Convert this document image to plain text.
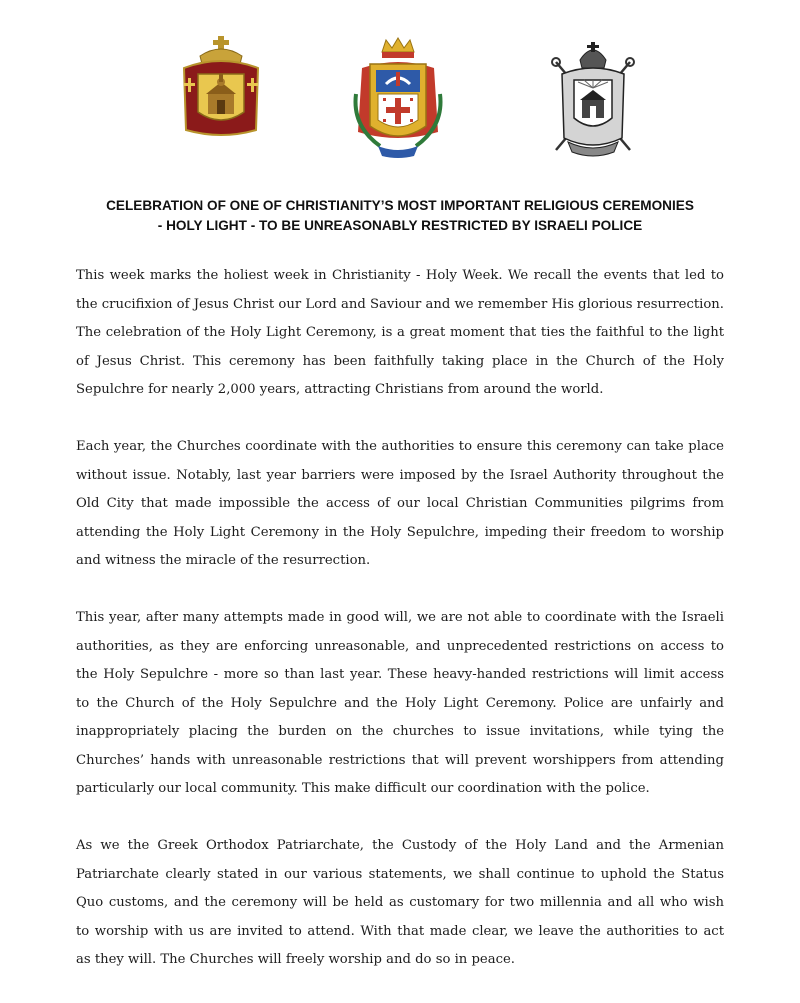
CELEBRATION OF ONE OF CHRISTIANITY’S MOST IMPORTANT RELIGIOUS CEREMONIES
- HOLY LIGHT - TO BE UNREASONABLY RESTRICTED BY ISRAELI POLICE

This week marks the holiest week in Christianity - Holy Week. We recall the events that led to
the crucifixion of Jesus Christ our Lord and Saviour and we remember His glorious resurrection.
The celebration of the Holy Light Ceremony, is a great moment that ties the faithful to the light
of Jesus Christ. This ceremony has been faithfully taking place in the Church of the Holy
Sepulchre for nearly 2,000 years, attracting Christians from around the world.

Each year, the Churches coordinate with the authorities to ensure this ceremony can take place
without issue. Notably, last year barriers were imposed by the Israel Authority throughout the
Old City that made impossible the access of our local Christian Communities pilgrims from
attending the Holy Light Ceremony in the Holy Sepulchre, impeding their freedom to worship
and witness the miracle of the resurrection.

This year, after many attempts made in good will, we are not able to coordinate with the Israeli
authorities, as they are enforcing unreasonable, and unprecedented restrictions on access to
the Holy Sepulchre - more so than last year. These heavy-handed restrictions will limit access
to the Church of the Holy Sepulchre and the Holy Light Ceremony. Police are unfairly and
inappropriately placing the burden on the churches to issue invitations, while tying the
Churches’ hands with unreasonable restrictions that will prevent worshippers from attending
particularly our local community. This make difficult our coordination with the police.

As we the Greek Orthodox Patriarchate, the Custody of the Holy Land and the Armenian
Patriarchate clearly stated in our various statements, we shall continue to uphold the Status
Quo customs, and the ceremony will be held as customary for two millennia and all who wish
to worship with us are invited to attend. With that made clear, we leave the authorities to act
as they will. The Churches will freely worship and do so in peace.
